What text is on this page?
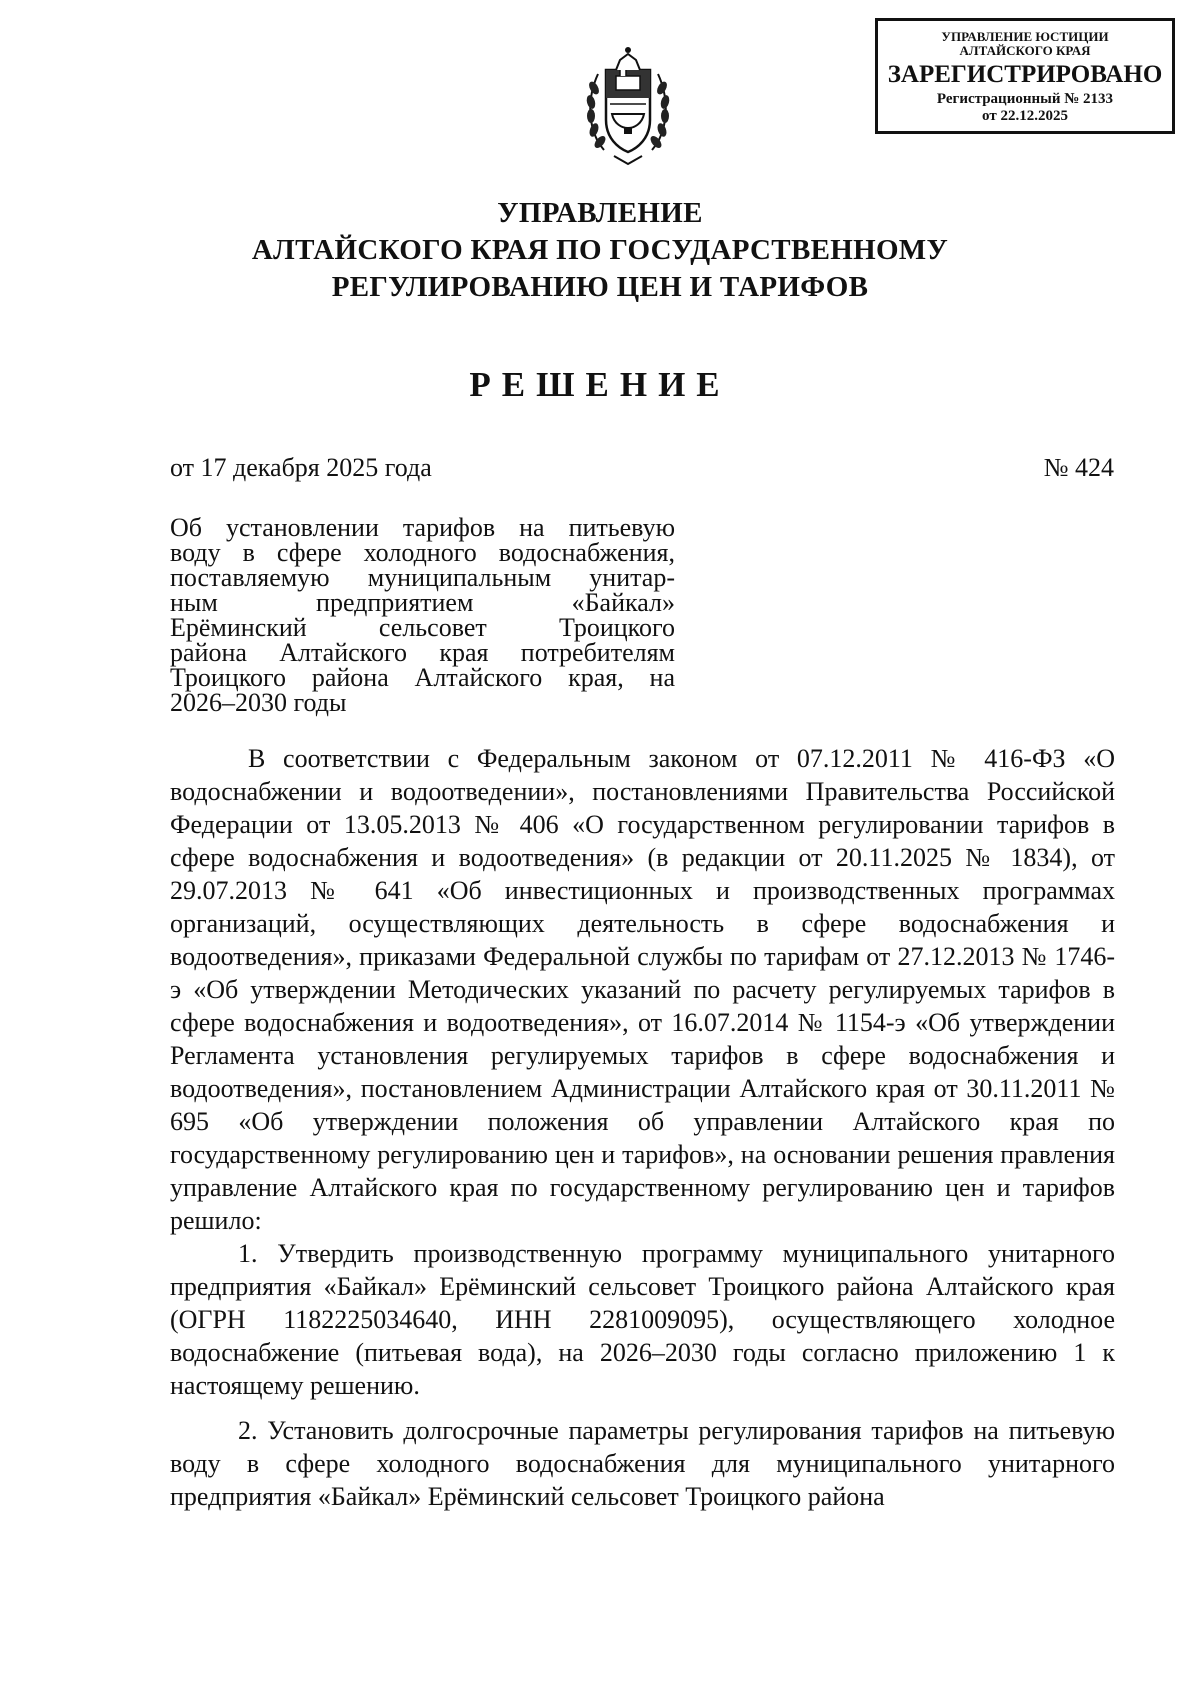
УПРАВЛЕНИЕ ЮСТИЦИИ
АЛТАЙСКОГО КРАЯ
ЗАРЕГИСТРИРОВАНО
Регистрационный № 2133
от 22.12.2025
УПРАВЛЕНИЕ
АЛТАЙСКОГО КРАЯ ПО ГОСУДАРСТВЕННОМУ
РЕГУЛИРОВАНИЮ ЦЕН И ТАРИФОВ
РЕШЕНИЕ
от 17 декабря 2025 года	№ 424
Об установлении тарифов на питьевую
воду в сфере холодного водоснабжения,
поставляемую муниципальным унитар-
ным предприятием «Байкал»
Ерёминский сельсовет Троицкого
района Алтайского края потребителям
Троицкого района Алтайского края, на
2026–2030 годы

В соответствии с Федеральным законом от 07.12.2011 № 416-ФЗ «О водоснабжении и водоотведении», постановлениями Правительства Российской Федерации от 13.05.2013 № 406 «О государственном регулировании тарифов в сфере водоснабжения и водоотведения» (в редакции от 20.11.2025 № 1834), от 29.07.2013 № 641 «Об инвестиционных и производственных программах организаций, осуществляющих деятельность в сфере водоснабжения и водоотведения», приказами Федеральной службы по тарифам от 27.12.2013 № 1746-э «Об утверждении Методических указаний по расчету регулируемых тарифов в сфере водоснабжения и водоотведения», от 16.07.2014 № 1154-э «Об утверждении Регламента установления регулируемых тарифов в сфере водоснабжения и водоотведения», постановлением Администрации Алтайского края от 30.11.2011 № 695 «Об утверждении положения об управлении Алтайского края по государственному регулированию цен и тарифов», на основании решения правления управление Алтайского края по государственному регулированию цен и тарифов решило:

1. Утвердить производственную программу муниципального унитарного предприятия «Байкал» Ерёминский сельсовет Троицкого района Алтайского края (ОГРН 1182225034640, ИНН 2281009095), осуществляющего холодное водоснабжение (питьевая вода), на 2026–2030 годы согласно приложению 1 к настоящему решению.

2. Установить долгосрочные параметры регулирования тарифов на питьевую воду в сфере холодного водоснабжения для муниципального унитарного предприятия «Байкал» Ерёминский сельсовет Троицкого района
